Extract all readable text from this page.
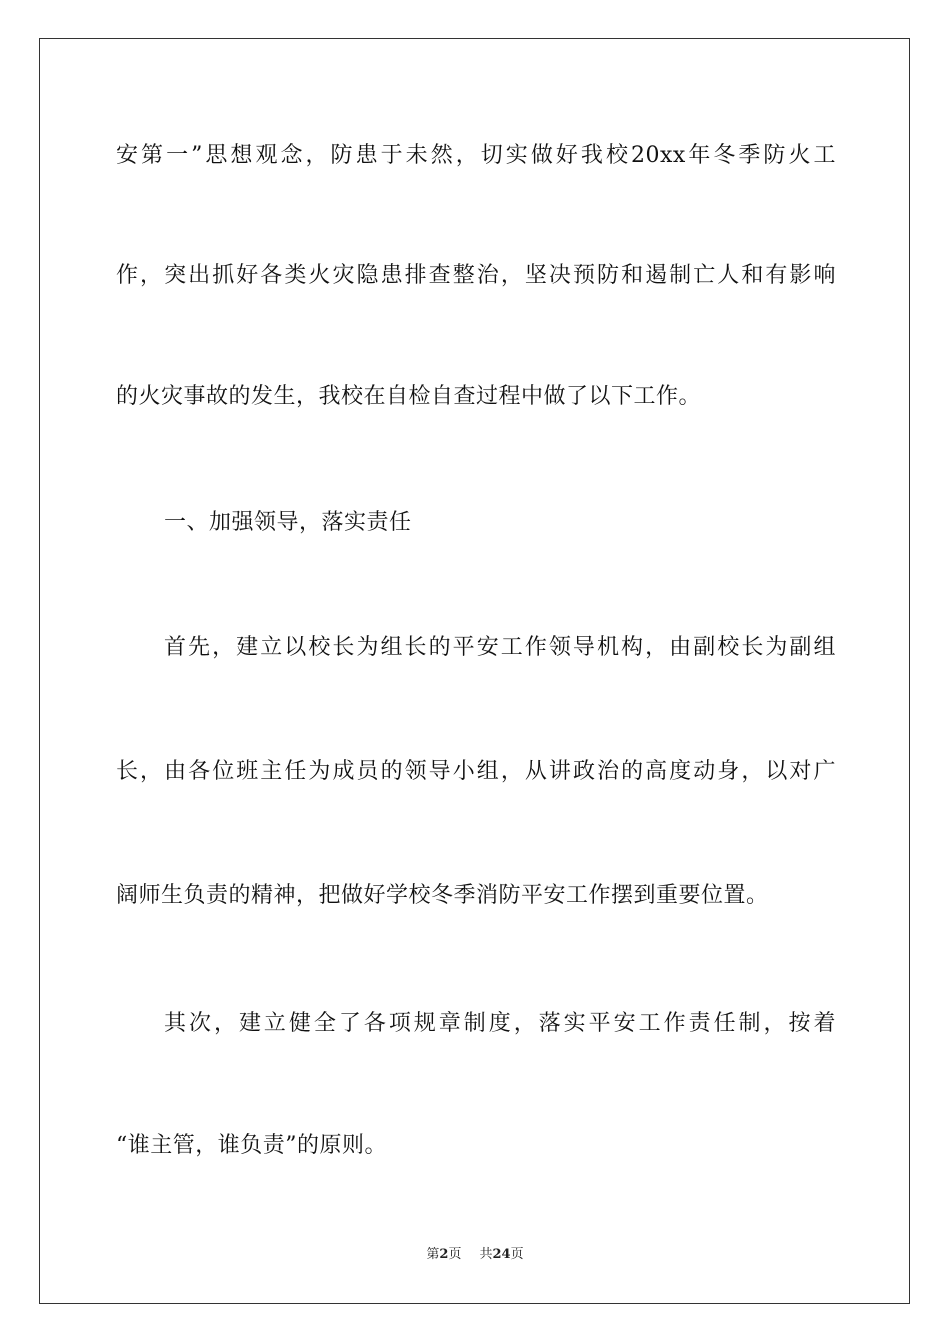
安第一”思想观念，防患于未然，切实做好我校20xx年冬季防火工
作，突出抓好各类火灾隐患排查整治，坚决预防和遏制亡人和有影响
的火灾事故的发生，我校在自检自查过程中做了以下工作。
一、加强领导，落实责任
首先，建立以校长为组长的平安工作领导机构，由副校长为副组
长，由各位班主任为成员的领导小组，从讲政治的高度动身，以对广
阔师生负责的精神，把做好学校冬季消防平安工作摆到重要位置。
其次，建立健全了各项规章制度，落实平安工作责任制，按着
“谁主管，谁负责”的原则。
第2页 共24页
